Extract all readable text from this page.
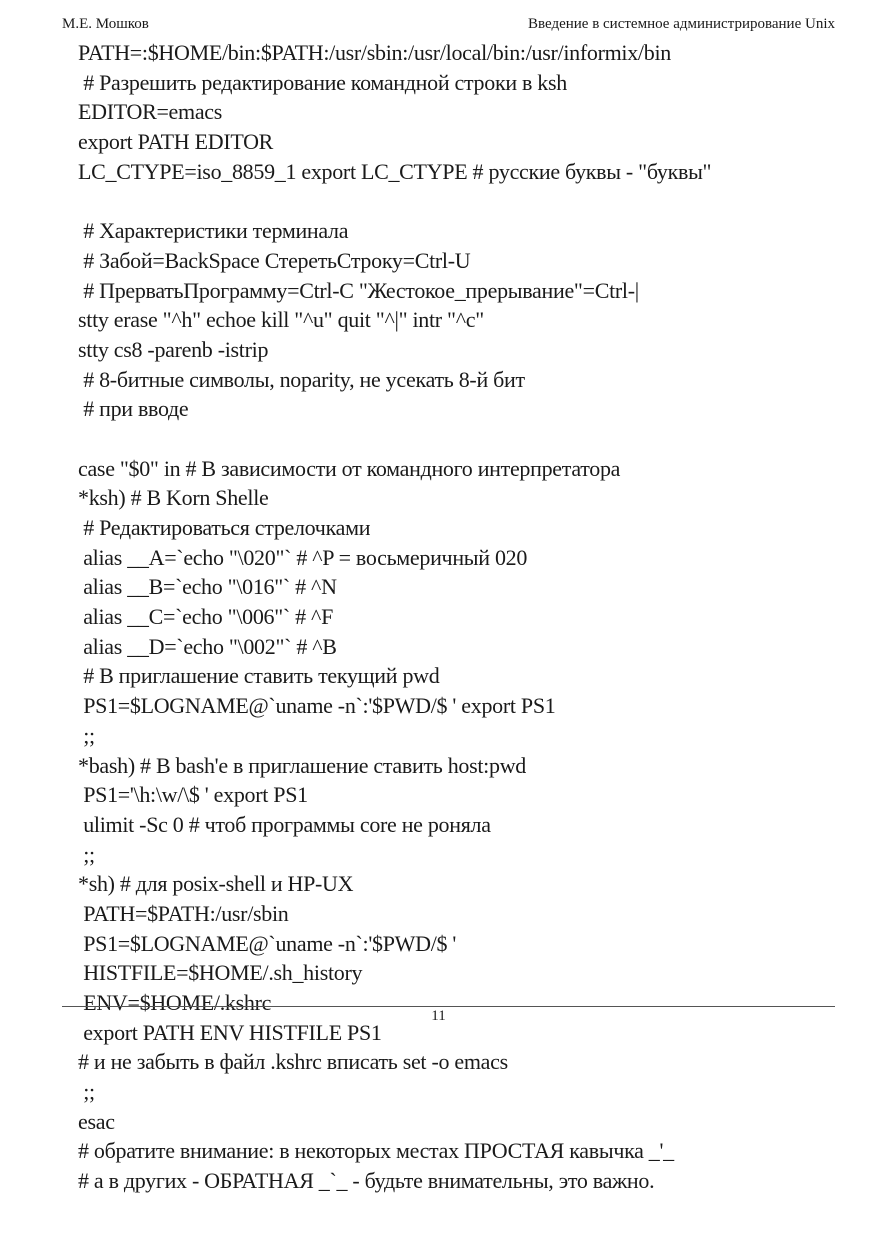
М.Е. Мошков	Введение в системное администрирование Unix
PATH=:$HOME/bin:$PATH:/usr/sbin:/usr/local/bin:/usr/informix/bin
# Разрешить редактирование командной строки в ksh
EDITOR=emacs
export PATH EDITOR
LC_CTYPE=iso_8859_1 export LC_CTYPE # русские буквы - "буквы"
# Характеристики терминала
# Забой=BackSpace СтеретьСтроку=Ctrl-U
# ПрерватьПрограмму=Ctrl-C "Жестокое_прерывание"=Ctrl-|
stty erase "^h" echoe kill "^u" quit "^|" intr "^c"
stty cs8 -parenb -istrip
# 8-битные символы, noparity, не усекать 8-й бит
# при вводе
case "$0" in # В зависимости от командного интерпретатора
*ksh) # В Korn Shelle
# Редактироваться стрелочками
alias __A=`echo "\020"` # ^P = восьмеричный 020
alias __B=`echo "\016"` # ^N
alias __C=`echo "\006"` # ^F
alias __D=`echo "\002"` # ^B
# В приглашение ставить текущий pwd
PS1=$LOGNAME@`uname -n`:'$PWD/$ ' export PS1
;;
*bash) # В bash'e в приглашение ставить host:pwd
PS1='\h:\w/\$ ' export PS1
ulimit -Sc 0 # чтоб программы core не роняла
;;
*sh) # для posix-shell и HP-UX
PATH=$PATH:/usr/sbin
PS1=$LOGNAME@`uname -n`:'$PWD/$ '
HISTFILE=$HOME/.sh_history
ENV=$HOME/.kshrc
export PATH ENV HISTFILE PS1
# и не забыть в файл .kshrc вписать set -o emacs
;;
esac
# обратите внимание: в некоторых местах ПРОСТАЯ кавычка _'_
# а в других - ОБРАТНАЯ _`_ - будьте внимательны, это важно.
11
